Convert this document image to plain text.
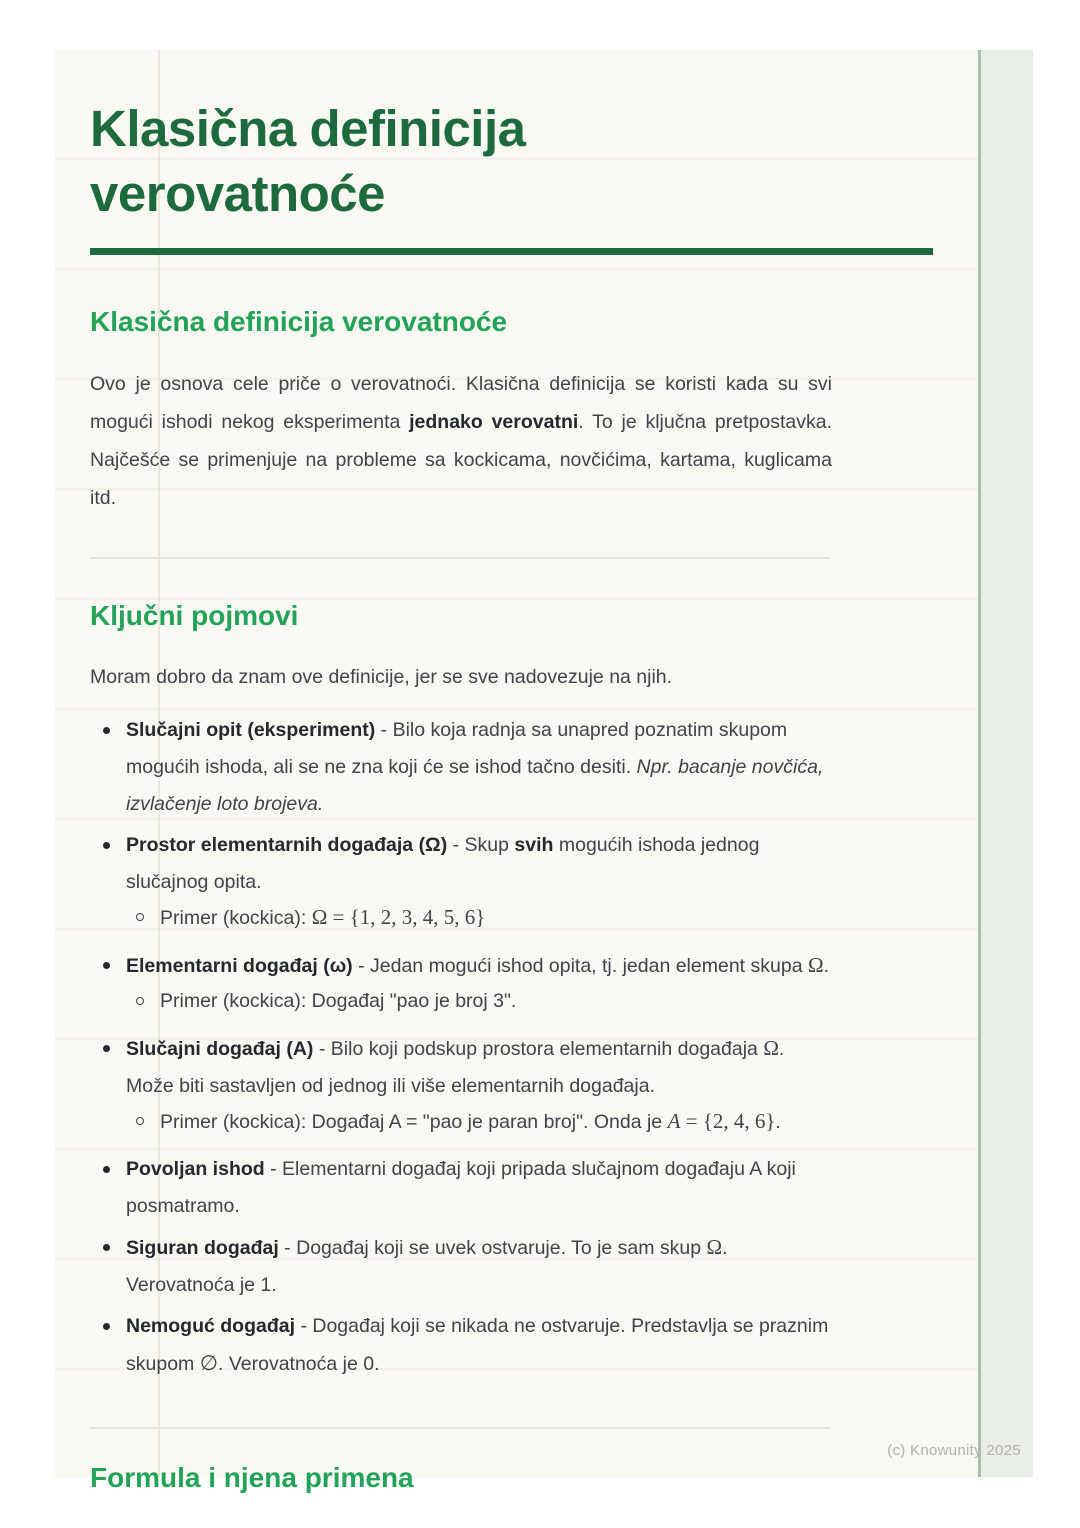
Klasična definicija verovatnoće
Klasična definicija verovatnoće

Ovo je osnova cele priče o verovatnoći. Klasična definicija se koristi kada su svi mogući ishodi nekog eksperimenta jednako verovatni. To je ključna pretpostavka. Najčešće se primenjuje na probleme sa kockicama, novčićima, kartama, kuglicama itd.

Ključni pojmovi

Moram dobro da znam ove definicije, jer se sve nadovezuje na njih.

Slučajni opit (eksperiment) - Bilo koja radnja sa unapred poznatim skupom mogućih ishoda, ali se ne zna koji će se ishod tačno desiti. Npr. bacanje novčića, izvlačenje loto brojeva.
Prostor elementarnih događaja (Ω) - Skup svih mogućih ishoda jednog slučajnog opita.
Primer (kockica): Ω = {1, 2, 3, 4, 5, 6}
Elementarni događaj (ω) - Jedan mogući ishod opita, tj. jedan element skupa Ω.
Primer (kockica): Događaj "pao je broj 3".
Slučajni događaj (A) - Bilo koji podskup prostora elementarnih događaja Ω. Može biti sastavljen od jednog ili više elementarnih događaja.
Primer (kockica): Događaj A = "pao je paran broj". Onda je A = {2, 4, 6}.
Povoljan ishod - Elementarni događaj koji pripada slučajnom događaju A koji posmatramo.
Siguran događaj - Događaj koji se uvek ostvaruje. To je sam skup Ω. Verovatnoća je 1.
Nemoguć događaj - Događaj koji se nikada ne ostvaruje. Predstavlja se praznim skupom ∅. Verovatnoća je 0.
Formula i njena primena
(c) Knowunity 2025
